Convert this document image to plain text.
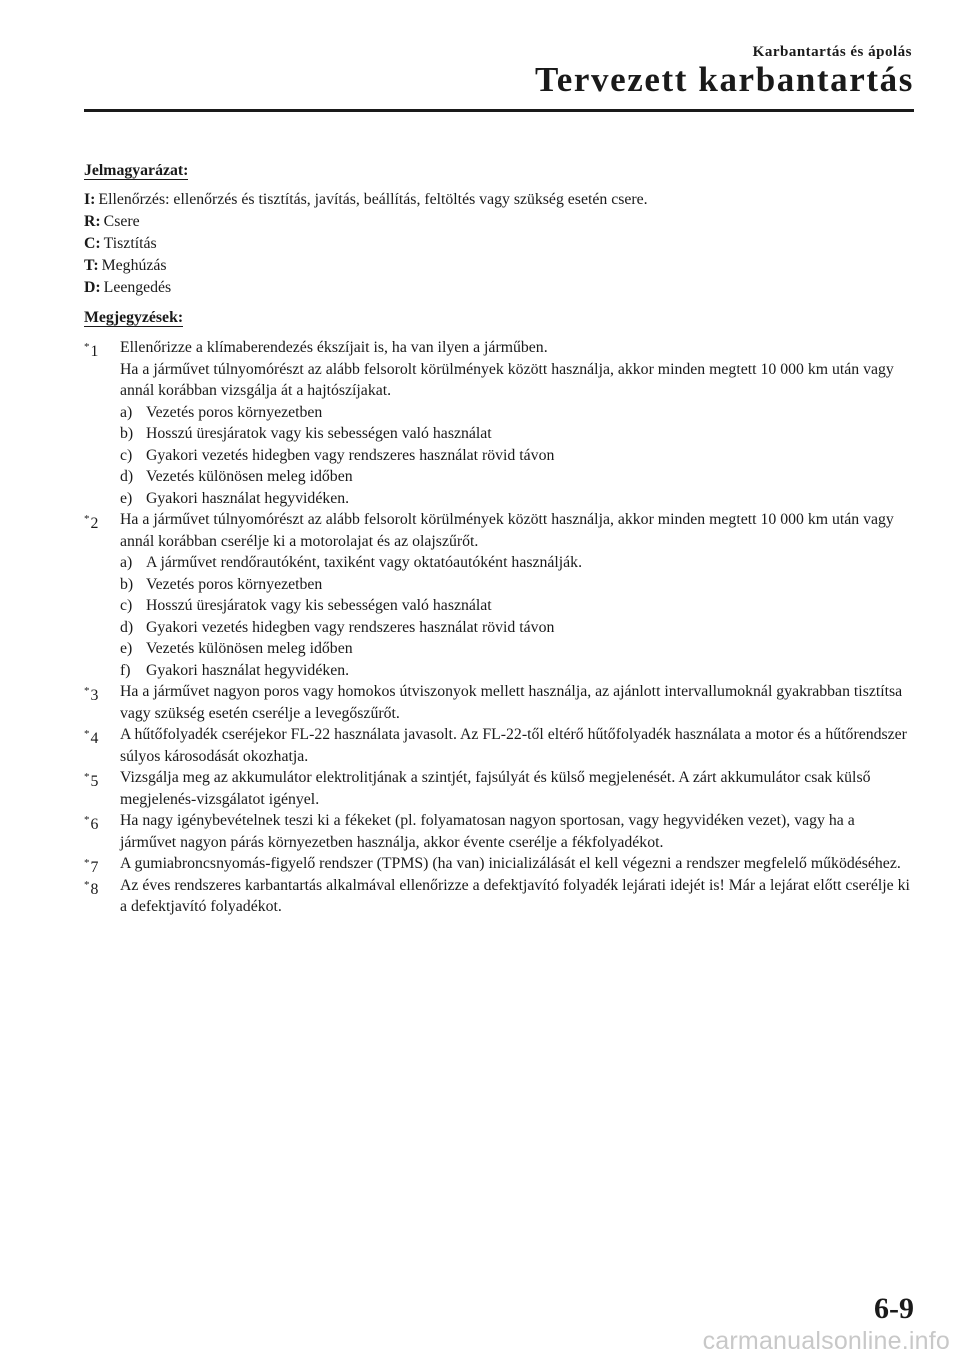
Karbantartás és ápolás
Tervezett karbantartás
Jelmagyarázat:
I: Ellenőrzés: ellenőrzés és tisztítás, javítás, beállítás, feltöltés vagy szükség esetén csere.
R: Csere
C: Tisztítás
T: Meghúzás
D: Leengedés
Megjegyzések:
*1	Ellenőrizze a klímaberendezés ékszíjait is, ha van ilyen a járműben.
Ha a járművet túlnyomórészt az alább felsorolt körülmények között használja, akkor minden megtett 10 000 km után vagy annál korábban vizsgálja át a hajtószíjakat.
a) Vezetés poros környezetben
b) Hosszú üresjáratok vagy kis sebességen való használat
c) Gyakori vezetés hidegben vagy rendszeres használat rövid távon
d) Vezetés különösen meleg időben
e) Gyakori használat hegyvidéken.
*2	Ha a járművet túlnyomórészt az alább felsorolt körülmények között használja, akkor minden megtett 10 000 km után vagy annál korábban cserélje ki a motorolajat és az olajszűrőt.
a) A járművet rendőrautóként, taxiként vagy oktatóautóként használják.
b) Vezetés poros környezetben
c) Hosszú üresjáratok vagy kis sebességen való használat
d) Gyakori vezetés hidegben vagy rendszeres használat rövid távon
e) Vezetés különösen meleg időben
f) Gyakori használat hegyvidéken.
*3	Ha a járművet nagyon poros vagy homokos útviszonyok mellett használja, az ajánlott intervallumoknál gyakrabban tisztítsa vagy szükség esetén cserélje a levegőszűrőt.
*4	A hűtőfolyadék cseréjekor FL-22 használata javasolt. Az FL-22-től eltérő hűtőfolyadék használata a motor és a hűtőrendszer súlyos károsodását okozhatja.
*5	Vizsgálja meg az akkumulátor elektrolitjának a szintjét, fajsúlyát és külső megjelenését. A zárt akkumulátor csak külső megjelenés-vizsgálatot igényel.
*6	Ha nagy igénybevételnek teszi ki a fékeket (pl. folyamatosan nagyon sportosan, vagy hegyvidéken vezet), vagy ha a járművet nagyon párás környezetben használja, akkor évente cserélje a fékfolyadékot.
*7	A gumiabroncsnyomás-figyelő rendszer (TPMS) (ha van) inicializálását el kell végezni a rendszer megfelelő működéséhez.
*8	Az éves rendszeres karbantartás alkalmával ellenőrizze a defektjavító folyadék lejárati idejét is! Már a lejárat előtt cserélje ki a defektjavító folyadékot.
6-9
carmanualsonline.info
